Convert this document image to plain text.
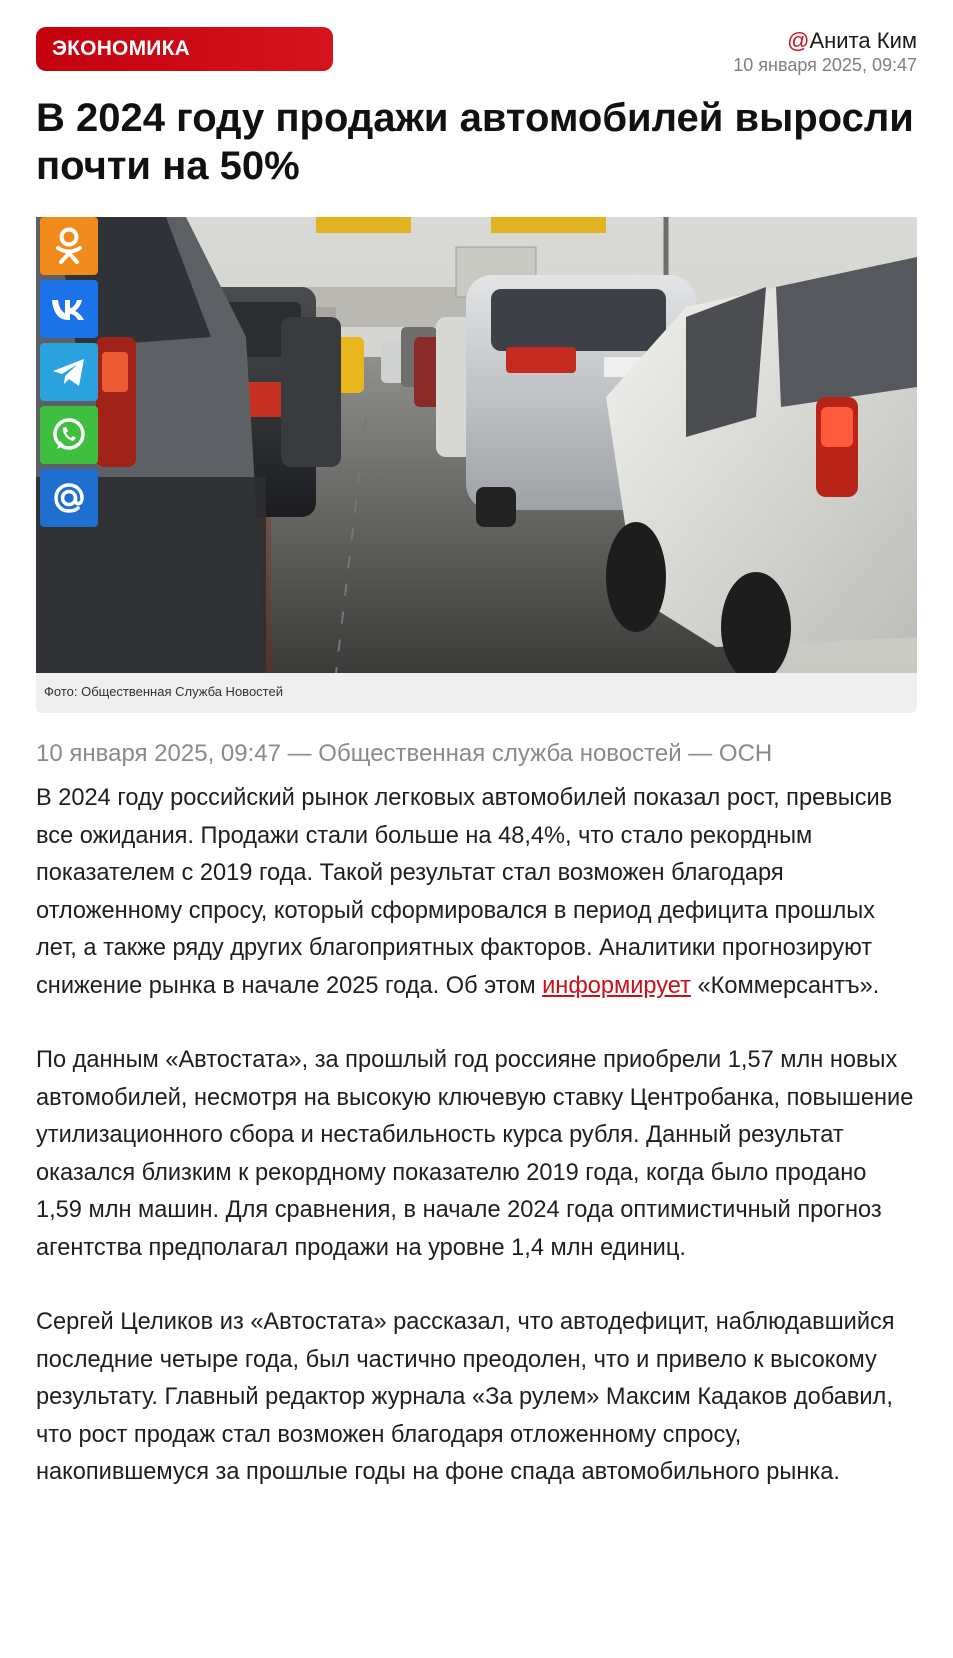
ЭКОНОМИКА	@Анита Ким
10 января 2025, 09:47
В 2024 году продажи автомобилей выросли почти на 50%
Фото: Общественная Служба Новостей
10 января 2025, 09:47 — Общественная служба новостей — ОСН

В 2024 году российский рынок легковых автомобилей показал рост, превысив все ожидания. Продажи стали больше на 48,4%, что стало рекордным показателем с 2019 года. Такой результат стал возможен благодаря отложенному спросу, который сформировался в период дефицита прошлых лет, а также ряду других благоприятных факторов. Аналитики прогнозируют снижение рынка в начале 2025 года. Об этом информирует «Коммерсантъ».

По данным «Автостата», за прошлый год россияне приобрели 1,57 млн новых автомобилей, несмотря на высокую ключевую ставку Центробанка, повышение утилизационного сбора и нестабильность курса рубля. Данный результат оказался близким к рекордному показателю 2019 года, когда было продано 1,59 млн машин. Для сравнения, в начале 2024 года оптимистичный прогноз агентства предполагал продажи на уровне 1,4 млн единиц.

Сергей Целиков из «Автостата» рассказал, что автодефицит, наблюдавшийся последние четыре года, был частично преодолен, что и привело к высокому результату. Главный редактор журнала «За рулем» Максим Кадаков добавил, что рост продаж стал возможен благодаря отложенному спросу, накопившемуся за прошлые годы на фоне спада автомобильного рынка.
